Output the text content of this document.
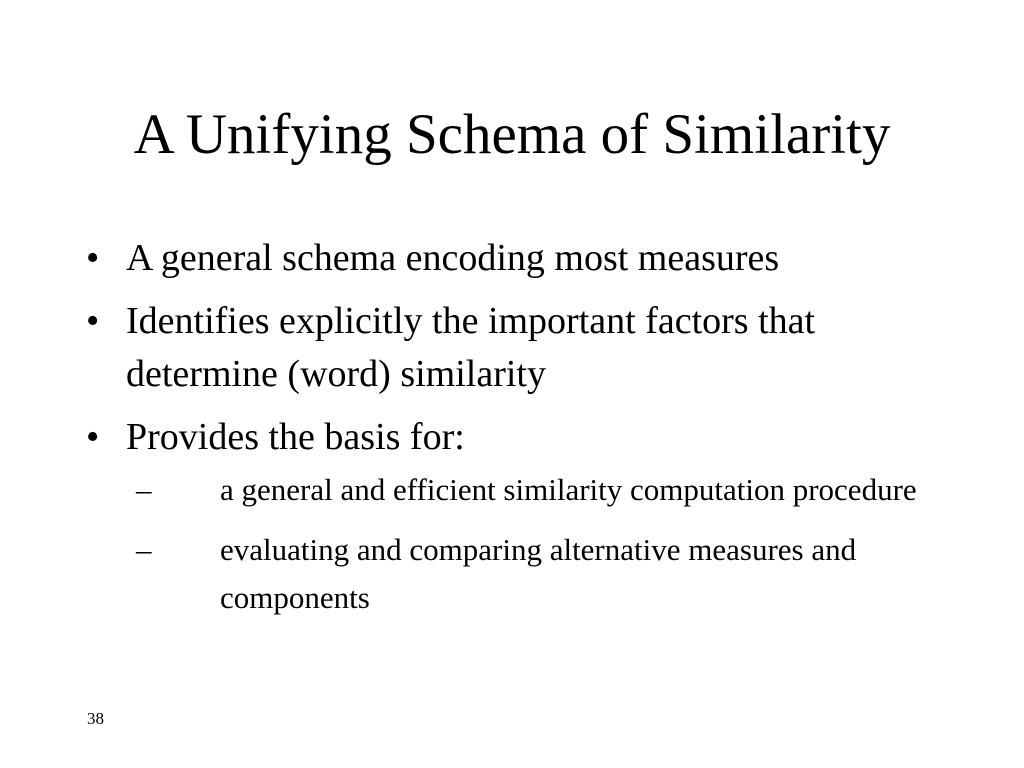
A Unifying Schema of Similarity
• A general schema encoding most measures
• Identifies explicitly the important factors that determine (word) similarity
• Provides the basis for:
–	a general and efficient similarity computation procedure
–	evaluating and comparing alternative measures and components
38
